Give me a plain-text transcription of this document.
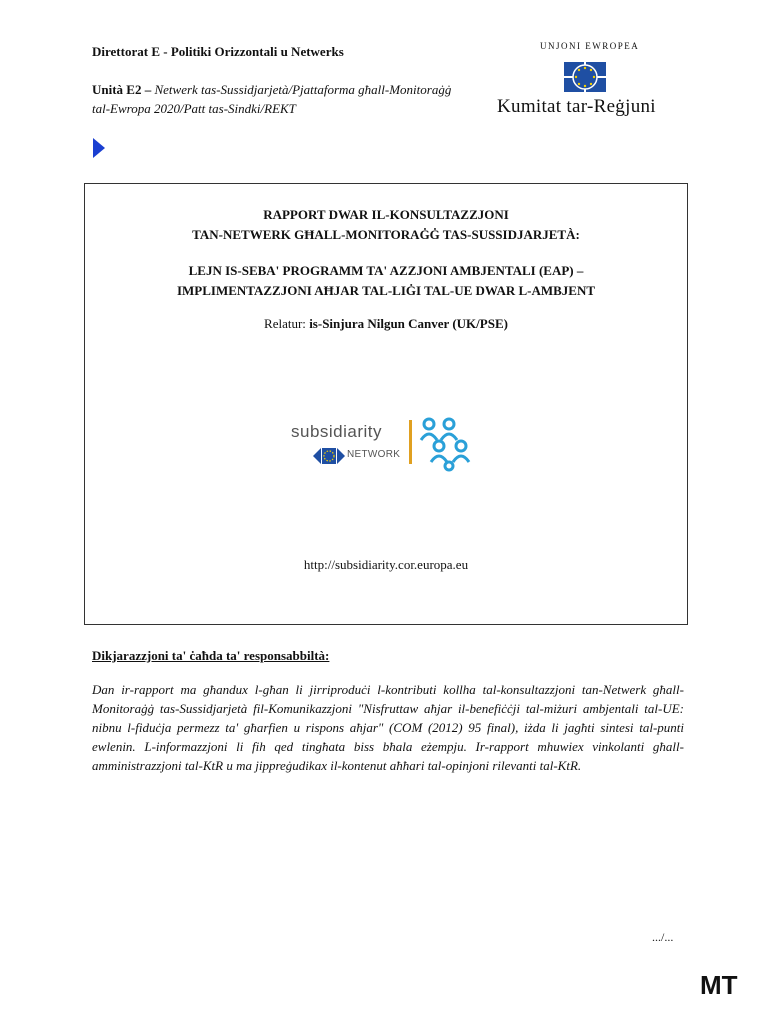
Direttorat E - Politiki Orizzontali u Netwerks
Unità E2 – Netwerk tas-Sussidjarjetà/Pjattaforma għall-Monitoraġġ tal-Ewropa 2020/Patt tas-Sindki/REKT
UNJONI EWROPEA
Kumitat tar-Reġjuni
RAPPORT DWAR IL-KONSULTAZZJONI
TAN-NETWERK GĦALL-MONITORAĠĠ TAS-SUSSIDJARJETÀ:
LEJN IS-SEBA' PROGRAMM TA' AZZJONI AMBJENTALI (EAP) –
IMPLIMENTAZZJONI AĦJAR TAL-LIĠI TAL-UE DWAR L-AMBJENT
Relatur: is-Sinjura Nilgun Canver (UK/PSE)
subsidiarity
NETWORK
http://subsidiarity.cor.europa.eu
Dikjarazzjoni ta' ċaħda ta' responsabbiltà:
Dan ir-rapport ma għandux l-għan li jirriproduċi l-kontributi kollha tal-konsultazzjoni tan-Netwerk għall-Monitoraġġ tas-Sussidjarjetà fil-Komunikazzjoni "Nisfruttaw aħjar il-benefiċċji tal-miżuri ambjentali tal-UE: nibnu l-fiduċja permezz ta' għarfien u rispons aħjar" (COM (2012) 95 final), iżda li jagħti sintesi tal-punti ewlenin. L-informazzjoni li fih qed tingħata biss bħala eżempju. Ir-rapport mhuwiex vinkolanti għall-amministrazzjoni tal-KtR u ma jippreġudikax il-kontenut aħħari tal-opinjoni rilevanti tal-KtR.
.../...
MT
